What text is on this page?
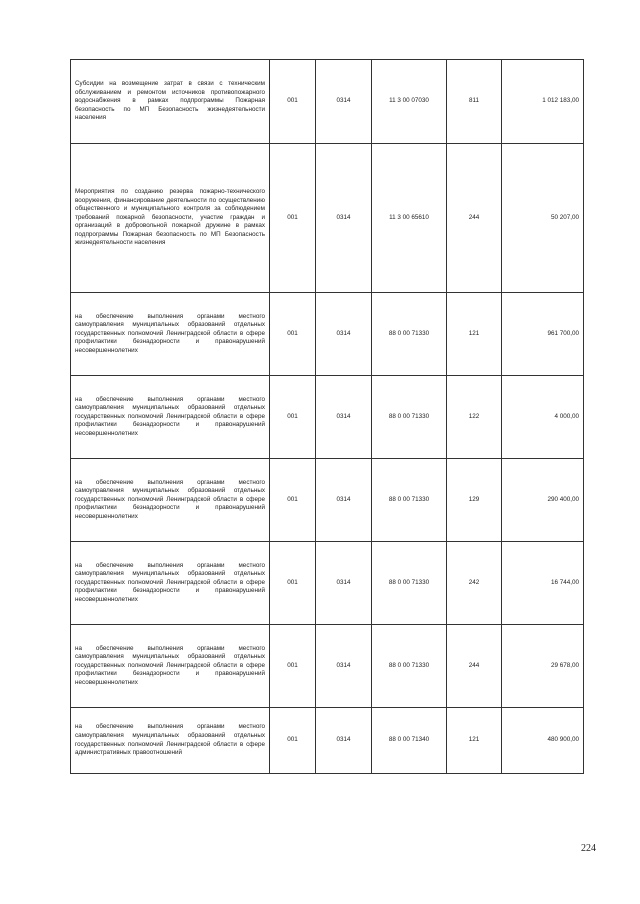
Субсидии на возмещение затрат в связи с техническим обслуживанием и ремонтом источников противопожарного водоснабжения в рамках подпрограммы Пожарная безопасность по МП Безопасность жизнедеятельности населения	001	0314	11 3 00 07030	811	1 012 183,00
Мероприятия по созданию резерва пожарно-технического вооружения, финансирование деятельности по осуществлению общественного и муниципального контроля за соблюдением требований пожарной безопасности, участие граждан и организаций в добровольной пожарной дружине в рамках подпрограммы Пожарная безопасность по МП Безопасность жизнедеятельности населения	001	0314	11 3 00 65610	244	50 207,00
на обеспечение выполнения органами местного самоуправления муниципальных образований отдельных государственных полномочий Ленинградской области в сфере профилактики безнадзорности и правонарушений несовершеннолетних	001	0314	88 0 00 71330	121	961 700,00
на обеспечение выполнения органами местного самоуправления муниципальных образований отдельных государственных полномочий Ленинградской области в сфере профилактики безнадзорности и правонарушений несовершеннолетних	001	0314	88 0 00 71330	122	4 000,00
на обеспечение выполнения органами местного самоуправления муниципальных образований отдельных государственных полномочий Ленинградской области в сфере профилактики безнадзорности и правонарушений несовершеннолетних	001	0314	88 0 00 71330	129	290 400,00
на обеспечение выполнения органами местного самоуправления муниципальных образований отдельных государственных полномочий Ленинградской области в сфере профилактики безнадзорности и правонарушений несовершеннолетних	001	0314	88 0 00 71330	242	16 744,00
на обеспечение выполнения органами местного самоуправления муниципальных образований отдельных государственных полномочий Ленинградской области в сфере профилактики безнадзорности и правонарушений несовершеннолетних	001	0314	88 0 00 71330	244	29 678,00
на обеспечение выполнения органами местного самоуправления муниципальных образований отдельных государственных полномочий Ленинградской области в сфере административных правоотношений	001	0314	88 0 00 71340	121	480 900,00
224
